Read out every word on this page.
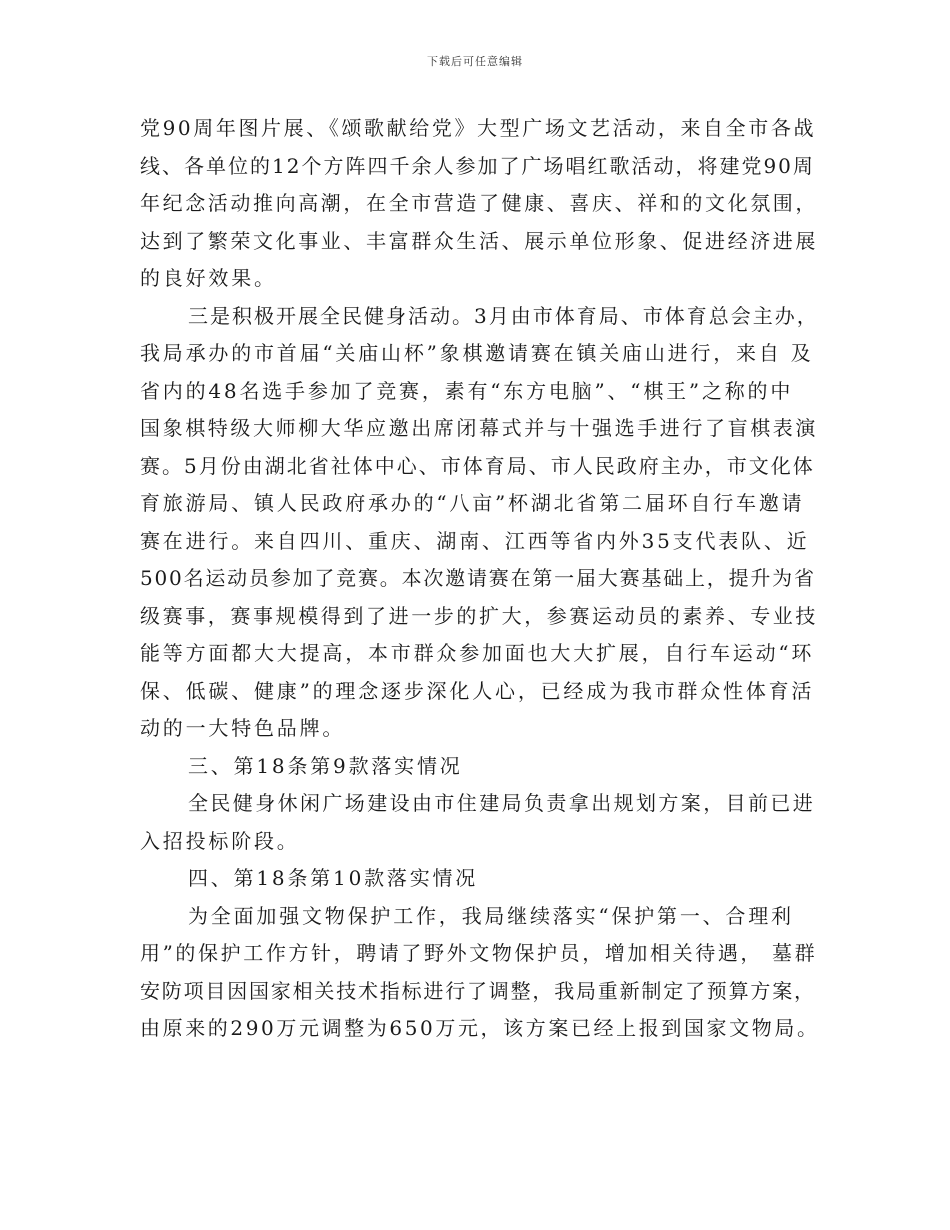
下载后可任意编辑
党90周年图片展、《颂歌献给党》大型广场文艺活动，来自全市各战
线、各单位的12个方阵四千余人参加了广场唱红歌活动，将建党90周
年纪念活动推向高潮，在全市营造了健康、喜庆、祥和的文化氛围，
达到了繁荣文化事业、丰富群众生活、展示单位形象、促进经济进展
的良好效果。
三是积极开展全民健身活动。3月由市体育局、市体育总会主办，
我局承办的市首届“关庙山杯”象棋邀请赛在镇关庙山进行，来自 及
省内的48名选手参加了竞赛，素有“东方电脑”、“棋王”之称的中
国象棋特级大师柳大华应邀出席闭幕式并与十强选手进行了盲棋表演
赛。5月份由湖北省社体中心、市体育局、市人民政府主办，市文化体
育旅游局、镇人民政府承办的“八亩”杯湖北省第二届环自行车邀请
赛在进行。来自四川、重庆、湖南、江西等省内外35支代表队、近
500名运动员参加了竞赛。本次邀请赛在第一届大赛基础上，提升为省
级赛事，赛事规模得到了进一步的扩大，参赛运动员的素养、专业技
能等方面都大大提高，本市群众参加面也大大扩展，自行车运动“环
保、低碳、健康”的理念逐步深化人心，已经成为我市群众性体育活
动的一大特色品牌。
三、第18条第9款落实情况
全民健身休闲广场建设由市住建局负责拿出规划方案，目前已进
入招投标阶段。
四、第18条第10款落实情况
为全面加强文物保护工作，我局继续落实“保护第一、合理利
用”的保护工作方针，聘请了野外文物保护员，增加相关待遇， 墓群
安防项目因国家相关技术指标进行了调整，我局重新制定了预算方案，
由原来的290万元调整为650万元，该方案已经上报到国家文物局。
